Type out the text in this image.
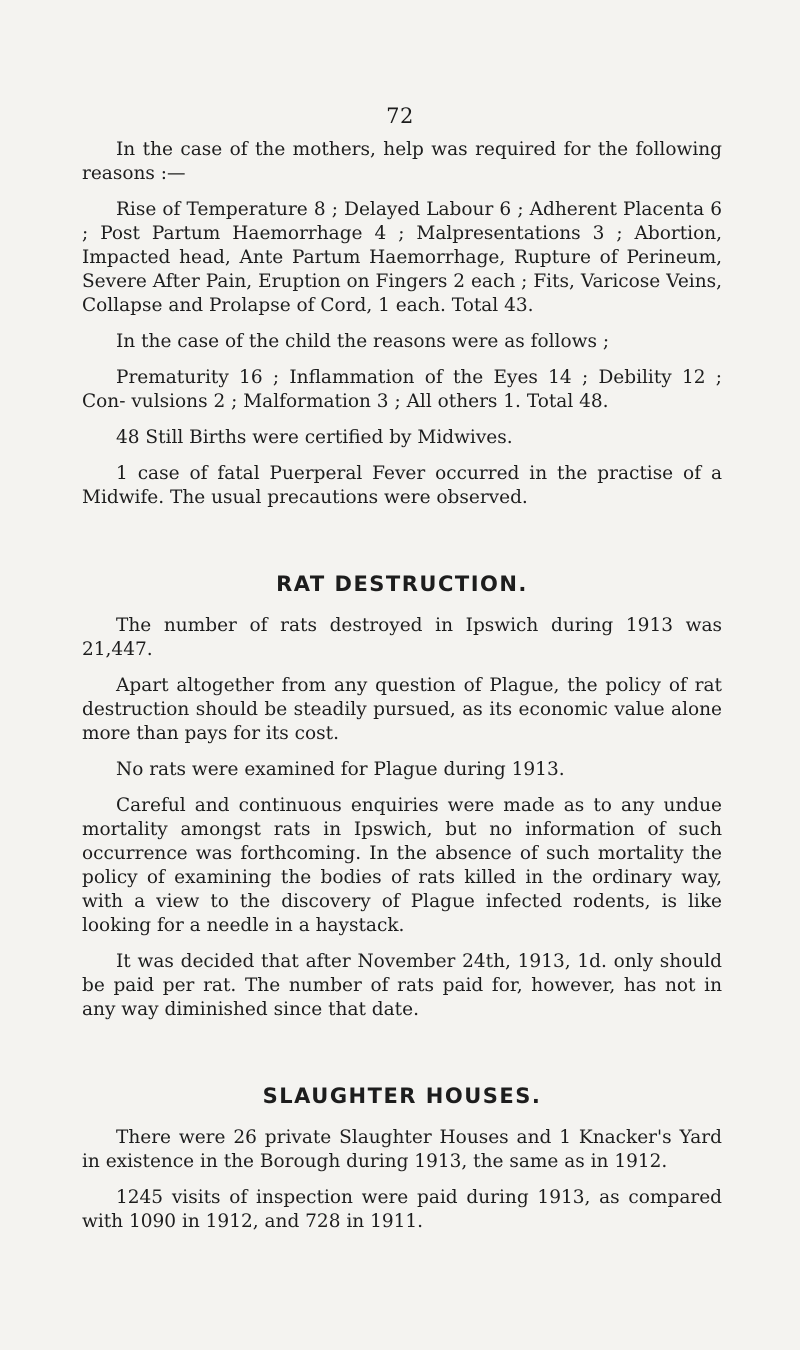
72

In the case of the mothers, help was required for the following reasons :—

Rise of Temperature 8 ; Delayed Labour 6 ; Adherent Placenta 6 ; Post Partum Haemorrhage 4 ; Malpresentations 3 ; Abortion, Impacted head, Ante Partum Haemorrhage, Rupture of Perineum, Severe After Pain, Eruption on Fingers 2 each ; Fits, Varicose Veins, Collapse and Prolapse of Cord, 1 each. Total 43.

In the case of the child the reasons were as follows ;

Prematurity 16 ; Inflammation of the Eyes 14 ; Debility 12 ; Con- vulsions 2 ; Malformation 3 ; All others 1. Total 48.

48 Still Births were certified by Midwives.

1 case of fatal Puerperal Fever occurred in the practise of a Midwife. The usual precautions were observed.

RAT DESTRUCTION.

The number of rats destroyed in Ipswich during 1913 was 21,447.

Apart altogether from any question of Plague, the policy of rat destruction should be steadily pursued, as its economic value alone more than pays for its cost.

No rats were examined for Plague during 1913.

Careful and continuous enquiries were made as to any undue mortality amongst rats in Ipswich, but no information of such occurrence was forthcoming. In the absence of such mortality the policy of examining the bodies of rats killed in the ordinary way, with a view to the discovery of Plague infected rodents, is like looking for a needle in a haystack.

It was decided that after November 24th, 1913, 1d. only should be paid per rat. The number of rats paid for, however, has not in any way diminished since that date.

SLAUGHTER HOUSES.

There were 26 private Slaughter Houses and 1 Knacker's Yard in existence in the Borough during 1913, the same as in 1912.

1245 visits of inspection were paid during 1913, as compared with 1090 in 1912, and 728 in 1911.
